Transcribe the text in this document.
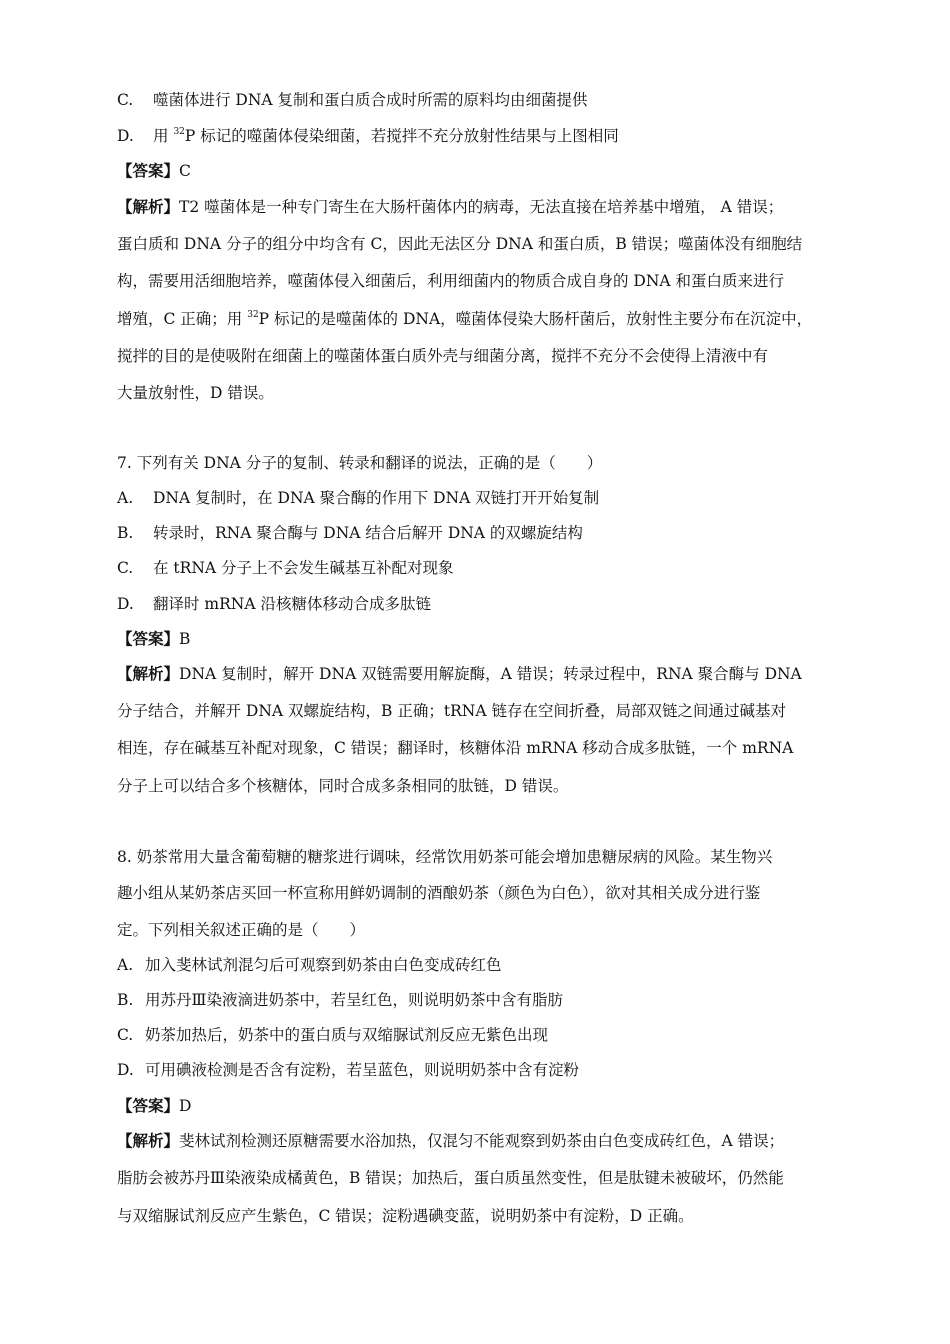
C. 噬菌体进行 DNA 复制和蛋白质合成时所需的原料均由细菌提供
D. 用 $^{32}$P 标记的噬菌体侵染细菌，若搅拌不充分放射性结果与上图相同
【答案】C
【解析】T2 噬菌体是一种专门寄生在大肠杆菌体内的病毒，无法直接在培养基中增殖， A 错误；
蛋白质和 DNA 分子的组分中均含有 C，因此无法区分 DNA 和蛋白质，B 错误；噬菌体没有细胞结
构，需要用活细胞培养，噬菌体侵入细菌后，利用细菌内的物质合成自身的 DNA 和蛋白质来进行
增殖，C 正确；用 $^{32}$P 标记的是噬菌体的 DNA，噬菌体侵染大肠杆菌后，放射性主要分布在沉淀中，
搅拌的目的是使吸附在细菌上的噬菌体蛋白质外壳与细菌分离，搅拌不充分不会使得上清液中有
大量放射性，D 错误。
7. 下列有关 DNA 分子的复制、转录和翻译的说法，正确的是（　　）
A. DNA 复制时，在 DNA 聚合酶的作用下 DNA 双链打开开始复制
B. 转录时，RNA 聚合酶与 DNA 结合后解开 DNA 的双螺旋结构
C. 在 tRNA 分子上不会发生碱基互补配对现象
D. 翻译时 mRNA 沿核糖体移动合成多肽链
【答案】B
【解析】DNA 复制时，解开 DNA 双链需要用解旋酶，A 错误；转录过程中，RNA 聚合酶与 DNA
分子结合，并解开 DNA 双螺旋结构，B 正确；tRNA 链存在空间折叠，局部双链之间通过碱基对
相连，存在碱基互补配对现象，C 错误；翻译时，核糖体沿 mRNA 移动合成多肽链，一个 mRNA
分子上可以结合多个核糖体，同时合成多条相同的肽链，D 错误。
8. 奶茶常用大量含葡萄糖的糖浆进行调味，经常饮用奶茶可能会增加患糖尿病的风险。某生物兴
趣小组从某奶茶店买回一杯宣称用鲜奶调制的酒酿奶茶（颜色为白色），欲对其相关成分进行鉴
定。下列相关叙述正确的是（　　）
A. 加入斐林试剂混匀后可观察到奶茶由白色变成砖红色
B. 用苏丹Ⅲ染液滴进奶茶中，若呈红色，则说明奶茶中含有脂肪
C. 奶茶加热后，奶茶中的蛋白质与双缩脲试剂反应无紫色出现
D. 可用碘液检测是否含有淀粉，若呈蓝色，则说明奶茶中含有淀粉
【答案】D
【解析】斐林试剂检测还原糖需要水浴加热，仅混匀不能观察到奶茶由白色变成砖红色，A 错误；
脂肪会被苏丹Ⅲ染液染成橘黄色，B 错误；加热后，蛋白质虽然变性，但是肽键未被破坏，仍然能
与双缩脲试剂反应产生紫色，C 错误；淀粉遇碘变蓝，说明奶茶中有淀粉，D 正确。
